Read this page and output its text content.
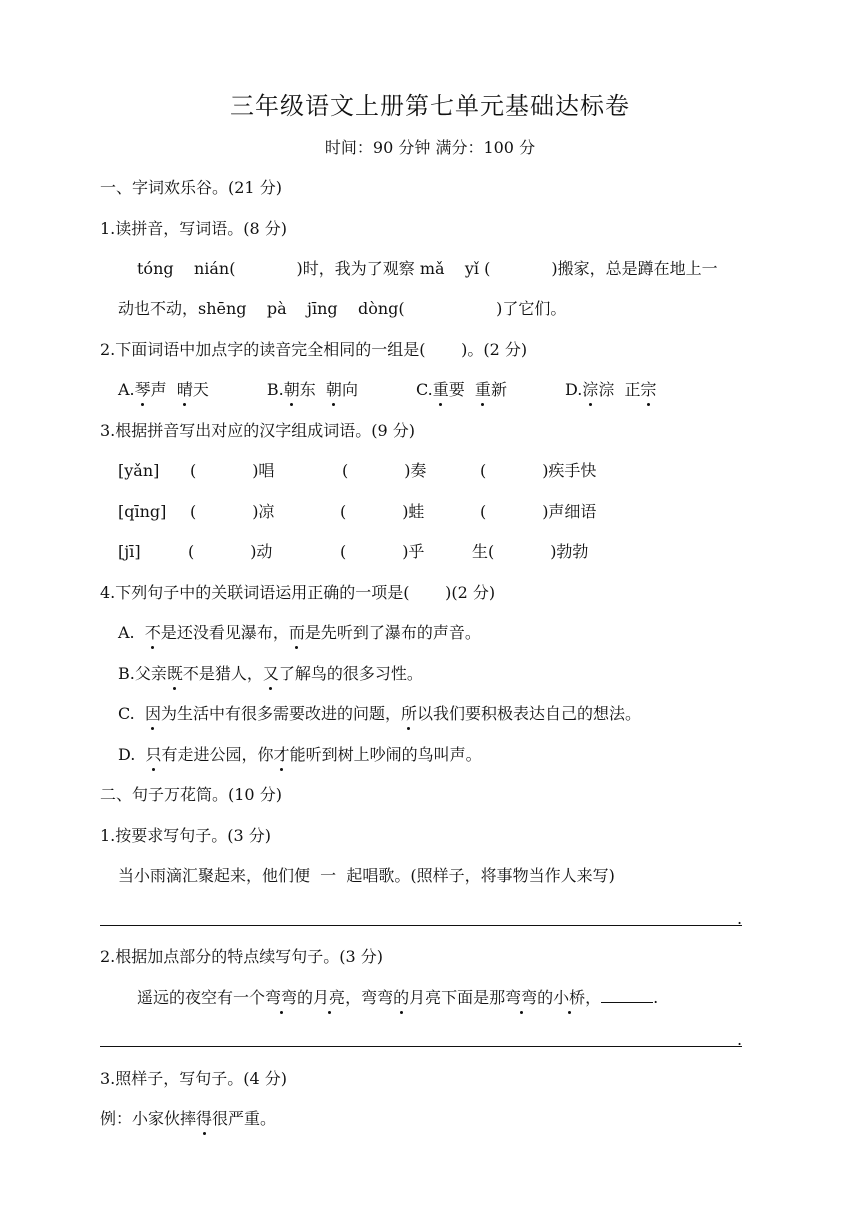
三年级语文上册第七单元基础达标卷
时间：90 分钟 满分：100 分
一、字词欢乐谷。(21 分)
1.读拼音，写词语。(8 分)
tóng    nián(            )时，我为了观察 mǎ    yǐ (            )搬家，总是蹲在地上一
动也不动，shēng    pà    jīng    dòng(                  )了它们。
2.下面词语中加点字的读音完全相同的一组是(       )。(2 分)
A.琴声  晴天	B.朝东  朝向	C.重要  重新	D.淙淙  正宗
3.根据拼音写出对应的汉字组成词语。(9 分)
[yǎn] (           )唱	(           )奏	(           )疾手快
[qīng] (           )凉	(           )蛙	(           )声细语
[jī]	(           )动	(           )乎	生(           )勃勃
4.下列句子中的关联词语运用正确的一项是(       )(2 分)
A.  不是还没看见瀑布，而是先听到了瀑布的声音。
B.父亲既不是猎人，又了解鸟的很多习性。
C.  因为生活中有很多需要改进的问题，所以我们要积极表达自己的想法。
D.  只有走进公园，你才能听到树上吵闹的鸟叫声。
二、句子万花筒。(10 分)
1.按要求写句子。(3 分)
当小雨滴汇聚起来，他们便  一  起唱歌。(照样子，将事物当作人来写)
.
2.根据加点部分的特点续写句子。(3 分)
遥远的夜空有一个弯弯的月亮，弯弯的月亮下面是那弯弯的小桥，	.
.
3.照样子，写句子。(4 分)
例：小家伙摔得很严重。
